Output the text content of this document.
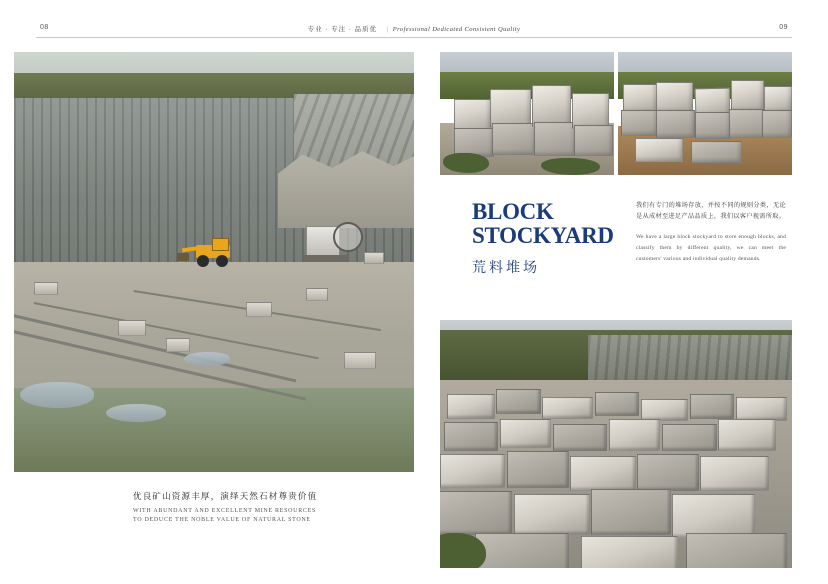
08	专业 · 专注 · 品质优 | Professional Dedicated Consistent Quality	09
优良矿山资源丰厚，演绎天然石材尊贵价值
WITH ABUNDANT AND EXCELLENT MINE RESOURCES
TO DEDUCE THE NOBLE VALUE OF NATURAL STONE
BLOCK
STOCKYARD
荒料堆场
我们有专门的堆场存放，并按不同的规则分类，无论是从成材至进足产品品质上，我们以客户视需所取。
We have a large block stockyard to store enough blocks, and classify them by different quality, we can meet the customers' various and individual quality demands.
